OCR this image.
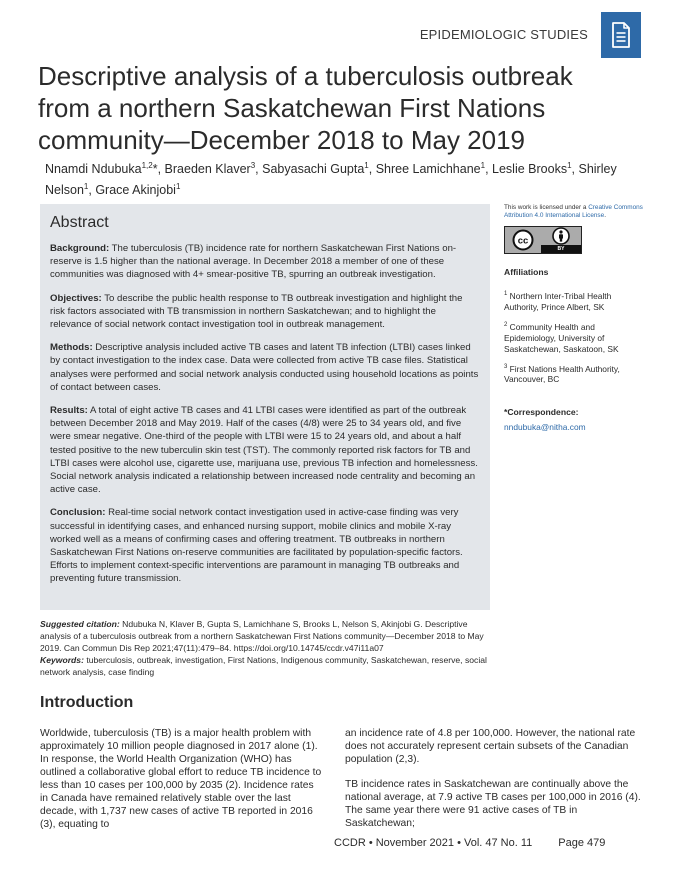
EPIDEMIOLOGIC STUDIES
Descriptive analysis of a tuberculosis outbreak from a northern Saskatchewan First Nations community—December 2018 to May 2019
Nnamdi Ndubuka$^{1,2}$*, Braeden Klaver$^3$, Sabyasachi Gupta$^1$, Shree Lamichhane$^1$, Leslie Brooks$^1$, Shirley Nelson$^1$, Grace Akinjobi$^1$
Abstract

Background: The tuberculosis (TB) incidence rate for northern Saskatchewan First Nations on-reserve is 1.5 higher than the national average. In December 2018 a member of one of these communities was diagnosed with 4+ smear-positive TB, spurring an outbreak investigation.

Objectives: To describe the public health response to TB outbreak investigation and highlight the risk factors associated with TB transmission in northern Saskatchewan; and to highlight the relevance of social network contact investigation tool in outbreak management.

Methods: Descriptive analysis included active TB cases and latent TB infection (LTBI) cases linked by contact investigation to the index case. Data were collected from active TB case files. Statistical analyses were performed and social network analysis conducted using household locations as points of contact between cases.

Results: A total of eight active TB cases and 41 LTBI cases were identified as part of the outbreak between December 2018 and May 2019. Half of the cases (4/8) were 25 to 34 years old, and five were smear negative. One-third of the people with LTBI were 15 to 24 years old, and about a half tested positive to the new tuberculin skin test (TST). The commonly reported risk factors for TB and LTBI cases were alcohol use, cigarette use, marijuana use, previous TB infection and homelessness. Social network analysis indicated a relationship between increased node centrality and becoming an active case.

Conclusion: Real-time social network contact investigation used in active-case finding was very successful in identifying cases, and enhanced nursing support, mobile clinics and mobile X-ray worked well as a means of confirming cases and offering treatment. TB outbreaks in northern Saskatchewan First Nations on-reserve communities are facilitated by population-specific factors. Efforts to implement context-specific interventions are paramount in managing TB outbreaks and preventing future transmission.

This work is licensed under a Creative Commons Attribution 4.0 International License.
cc
BY
Affiliations
$^1$ Northern Inter-Tribal Health Authority, Prince Albert, SK
$^2$ Community Health and Epidemiology, University of Saskatchewan, Saskatoon, SK
$^3$ First Nations Health Authority, Vancouver, BC
*Correspondence:
nndubuka@nitha.com
Suggested citation: Ndubuka N, Klaver B, Gupta S, Lamichhane S, Brooks L, Nelson S, Akinjobi G. Descriptive analysis of a tuberculosis outbreak from a northern Saskatchewan First Nations community—December 2018 to May 2019. Can Commun Dis Rep 2021;47(11):479–84. https://doi.org/10.14745/ccdr.v47i11a07
Keywords: tuberculosis, outbreak, investigation, First Nations, Indigenous community, Saskatchewan, reserve, social network analysis, case finding
Introduction

Worldwide, tuberculosis (TB) is a major health problem with approximately 10 million people diagnosed in 2017 alone (1). In response, the World Health Organization (WHO) has outlined a collaborative global effort to reduce TB incidence to less than 10 cases per 100,000 by 2035 (2). Incidence rates in Canada have remained relatively stable over the last decade, with 1,737 new cases of active TB reported in 2016 (3), equating to

an incidence rate of 4.8 per 100,000. However, the national rate does not accurately represent certain subsets of the Canadian population (2,3).

TB incidence rates in Saskatchewan are continually above the national average, at 7.9 active TB cases per 100,000 in 2016 (4). The same year there were 91 active cases of TB in Saskatchewan;

CCDR • November 2021 • Vol. 47 No. 11 Page 479
